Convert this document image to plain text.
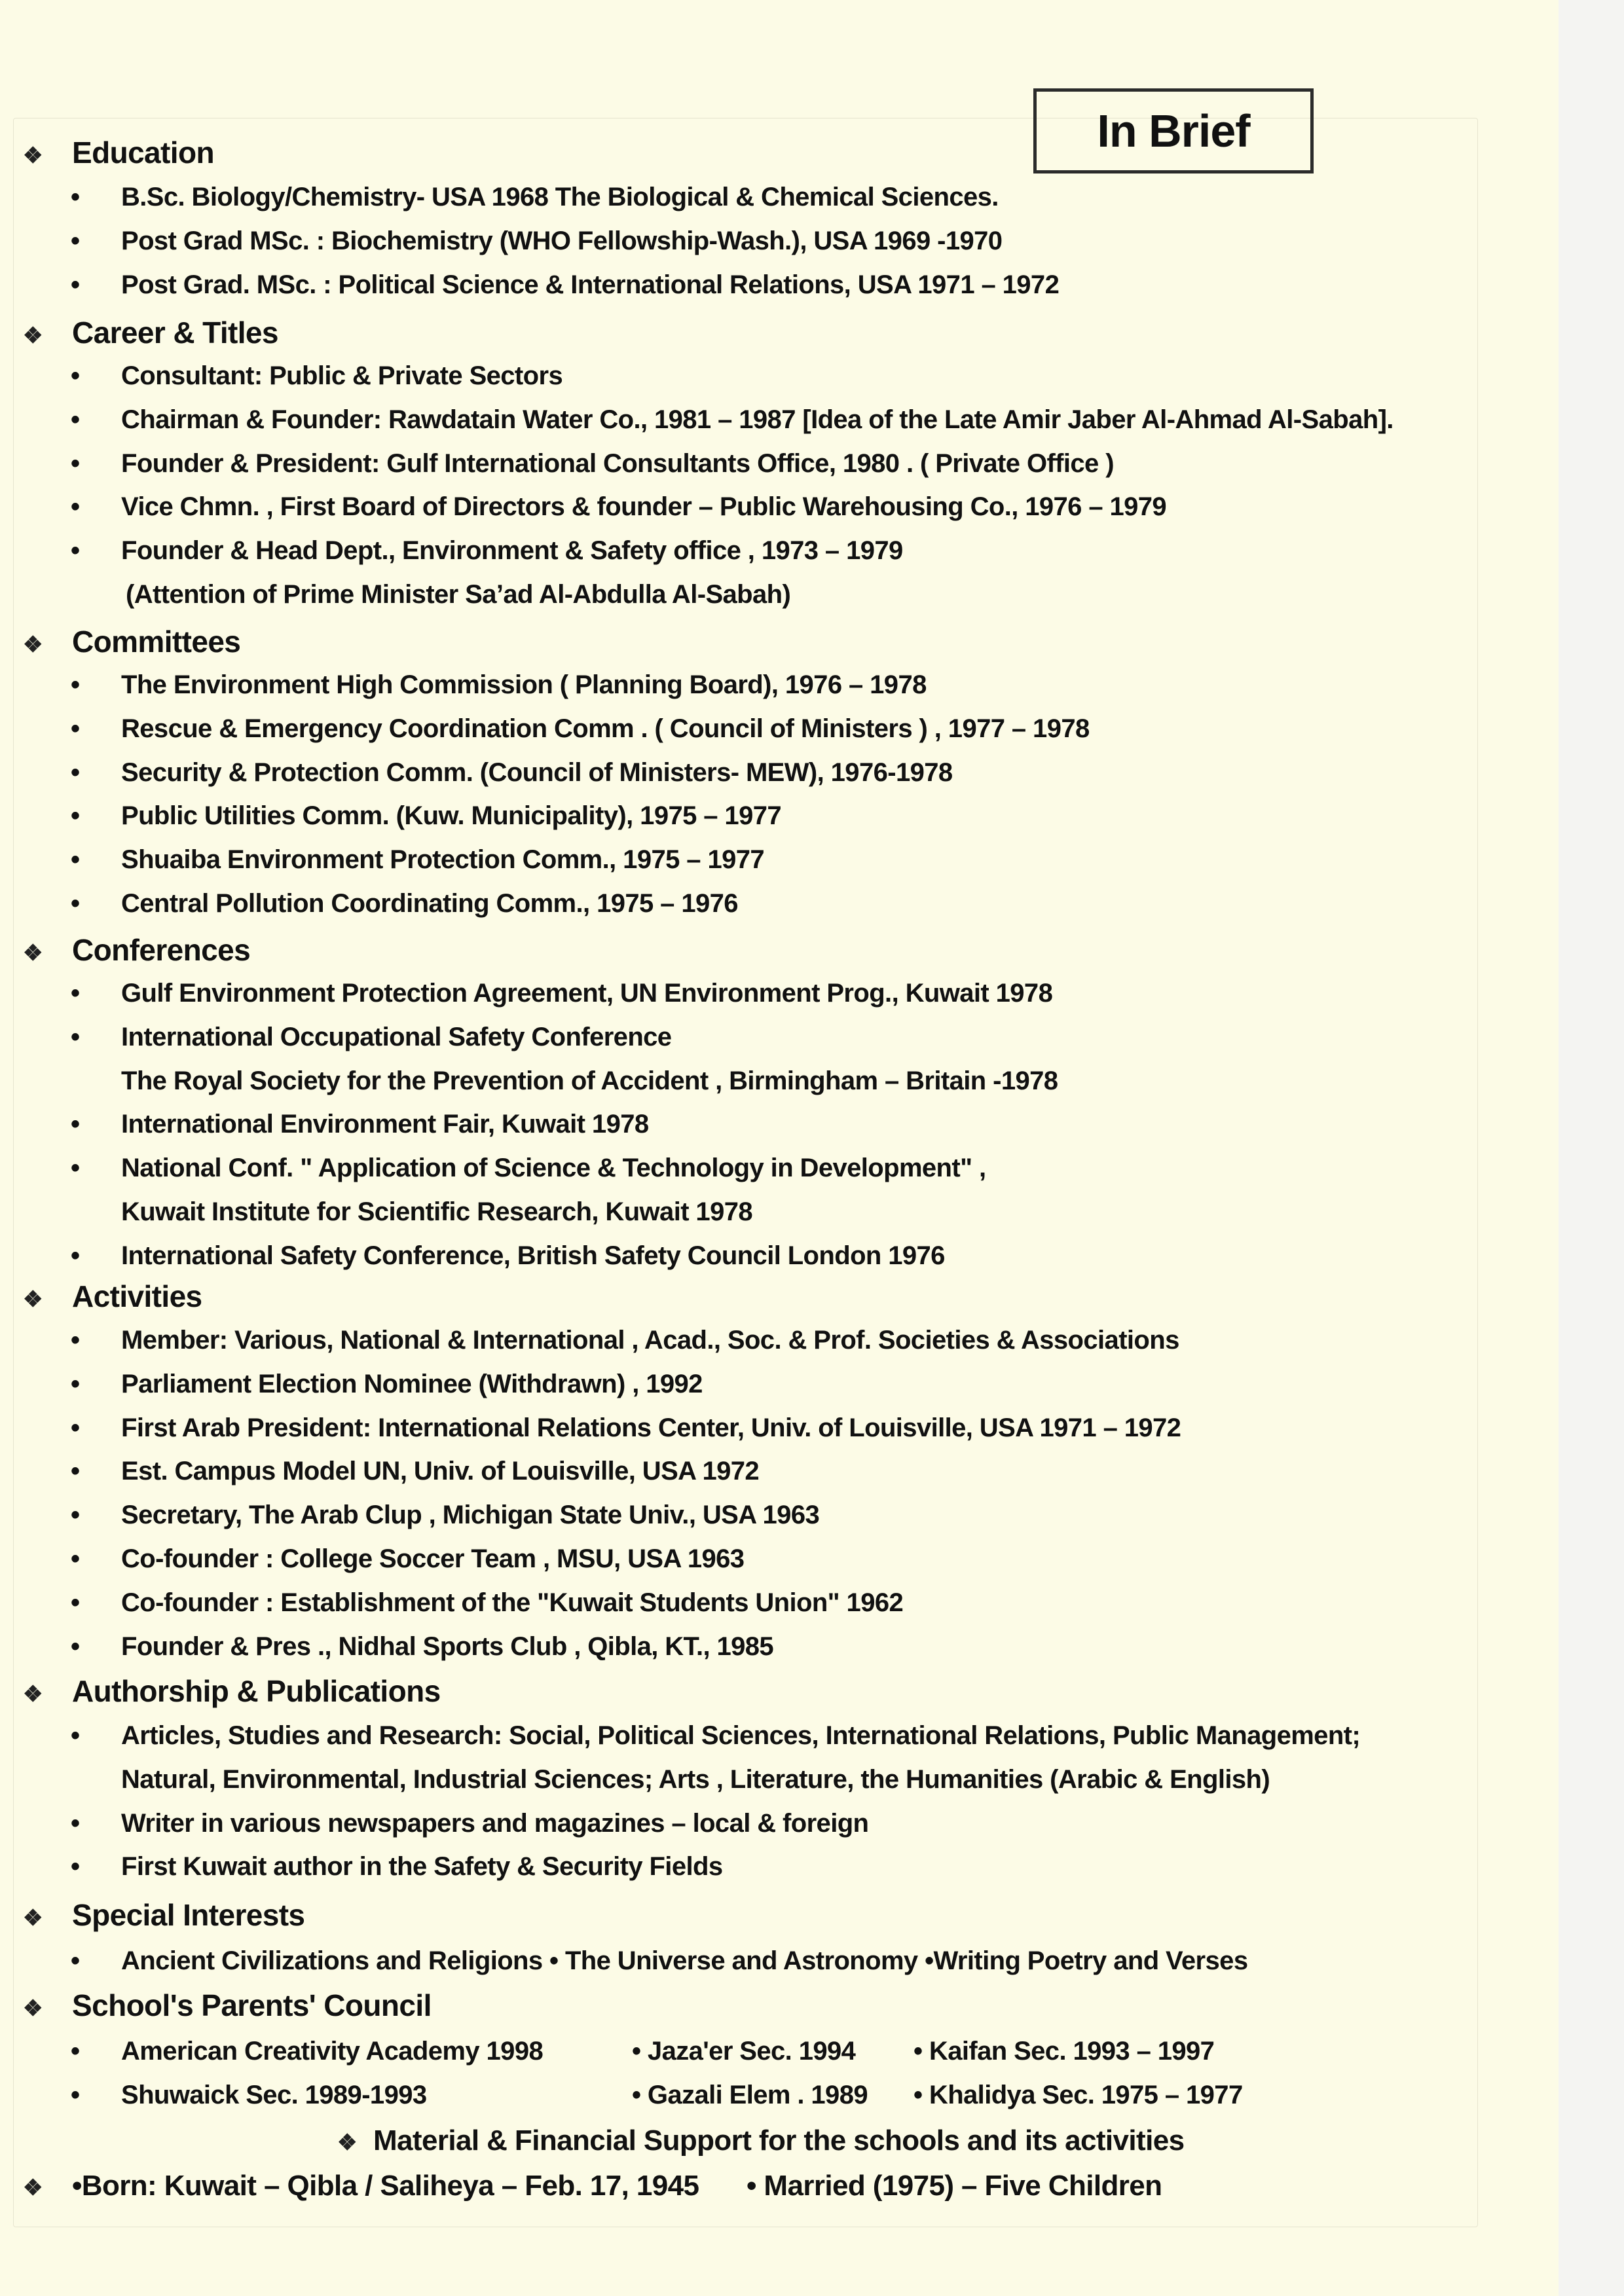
In Brief
❖ Education
• B.Sc. Biology/Chemistry- USA 1968 The Biological & Chemical Sciences.
• Post Grad MSc. : Biochemistry (WHO Fellowship-Wash.), USA 1969 -1970
• Post Grad. MSc. : Political Science & International Relations, USA 1971 – 1972
❖ Career & Titles
• Consultant: Public & Private Sectors
• Chairman & Founder: Rawdatain Water Co., 1981 – 1987 [Idea of the Late Amir Jaber Al-Ahmad Al-Sabah].
• Founder & President: Gulf International Consultants Office, 1980 . ( Private Office )
• Vice Chmn. , First Board of Directors & founder – Public Warehousing Co., 1976 – 1979
• Founder & Head Dept., Environment & Safety office , 1973 – 1979
(Attention of Prime Minister Sa’ad Al-Abdulla Al-Sabah)
❖ Committees
• The Environment High Commission ( Planning Board), 1976 – 1978
• Rescue & Emergency Coordination Comm . ( Council of Ministers ) , 1977 – 1978
• Security & Protection Comm. (Council of Ministers- MEW), 1976-1978
• Public Utilities Comm. (Kuw. Municipality), 1975 – 1977
• Shuaiba Environment Protection Comm., 1975 – 1977
• Central Pollution Coordinating Comm., 1975 – 1976
❖ Conferences
• Gulf Environment Protection Agreement, UN Environment Prog., Kuwait 1978
• International Occupational Safety Conference
The Royal Society for the Prevention of Accident , Birmingham – Britain -1978
• International Environment Fair, Kuwait 1978
• National Conf. " Application of Science & Technology in Development" ,
Kuwait Institute for Scientific Research, Kuwait 1978
• International Safety Conference, British Safety Council London 1976
❖ Activities
• Member: Various, National & International , Acad., Soc. & Prof. Societies & Associations
• Parliament Election Nominee (Withdrawn) , 1992
• First Arab President: International Relations Center, Univ. of Louisville, USA 1971 – 1972
• Est. Campus Model UN, Univ. of Louisville, USA 1972
• Secretary, The Arab Clup , Michigan State Univ., USA 1963
• Co-founder : College Soccer Team , MSU, USA 1963
• Co-founder : Establishment of the "Kuwait Students Union" 1962
• Founder & Pres ., Nidhal Sports Club , Qibla, KT., 1985
❖ Authorship & Publications
• Articles, Studies and Research: Social, Political Sciences, International Relations, Public Management;
Natural, Environmental, Industrial Sciences; Arts , Literature, the Humanities (Arabic & English)
• Writer in various newspapers and magazines – local & foreign
• First Kuwait author in the Safety & Security Fields
❖ Special Interests
• Ancient Civilizations and Religions • The Universe and Astronomy •Writing Poetry and Verses
❖ School's Parents' Council
• American Creativity Academy 1998	• Jaza'er Sec. 1994 • Kaifan Sec. 1993 – 1997
• Shuwaick Sec. 1989-1993	• Gazali Elem . 1989 • Khalidya Sec. 1975 – 1977
❖ Material & Financial Support for the schools and its activities
❖	•Born: Kuwait – Qibla / Saliheya – Feb. 17, 1945 • Married (1975) – Five Children
